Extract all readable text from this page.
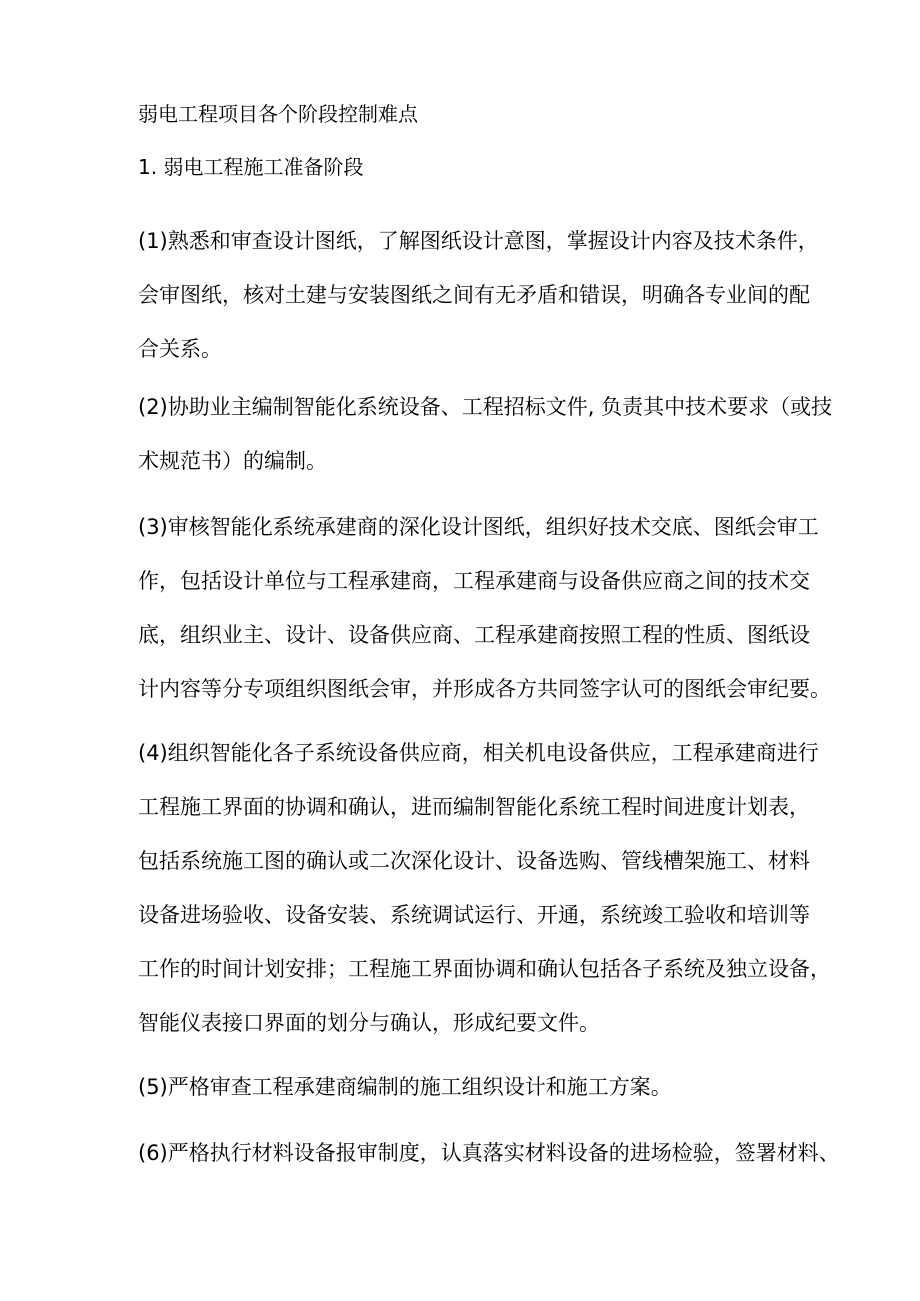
弱电工程项目各个阶段控制难点
1. 弱电工程施工准备阶段
(1)熟悉和审查设计图纸，了解图纸设计意图，掌握设计内容及技术条件，
会审图纸，核对土建与安装图纸之间有无矛盾和错误，明确各专业间的配
合关系。
(2)协助业主编制智能化系统设备、工程招标文件, 负责其中技术要求（或技
术规范书）的编制。
(3)审核智能化系统承建商的深化设计图纸，组织好技术交底、图纸会审工
作，包括设计单位与工程承建商，工程承建商与设备供应商之间的技术交
底，组织业主、设计、设备供应商、工程承建商按照工程的性质、图纸设
计内容等分专项组织图纸会审，并形成各方共同签字认可的图纸会审纪要。
(4)组织智能化各子系统设备供应商，相关机电设备供应，工程承建商进行
工程施工界面的协调和确认，进而编制智能化系统工程时间进度计划表，
包括系统施工图的确认或二次深化设计、设备选购、管线槽架施工、材料
设备进场验收、设备安装、系统调试运行、开通，系统竣工验收和培训等
工作的时间计划安排；工程施工界面协调和确认包括各子系统及独立设备，
智能仪表接口界面的划分与确认，形成纪要文件。
(5)严格审查工程承建商编制的施工组织设计和施工方案。
(6)严格执行材料设备报审制度，认真落实材料设备的进场检验，签署材料、
